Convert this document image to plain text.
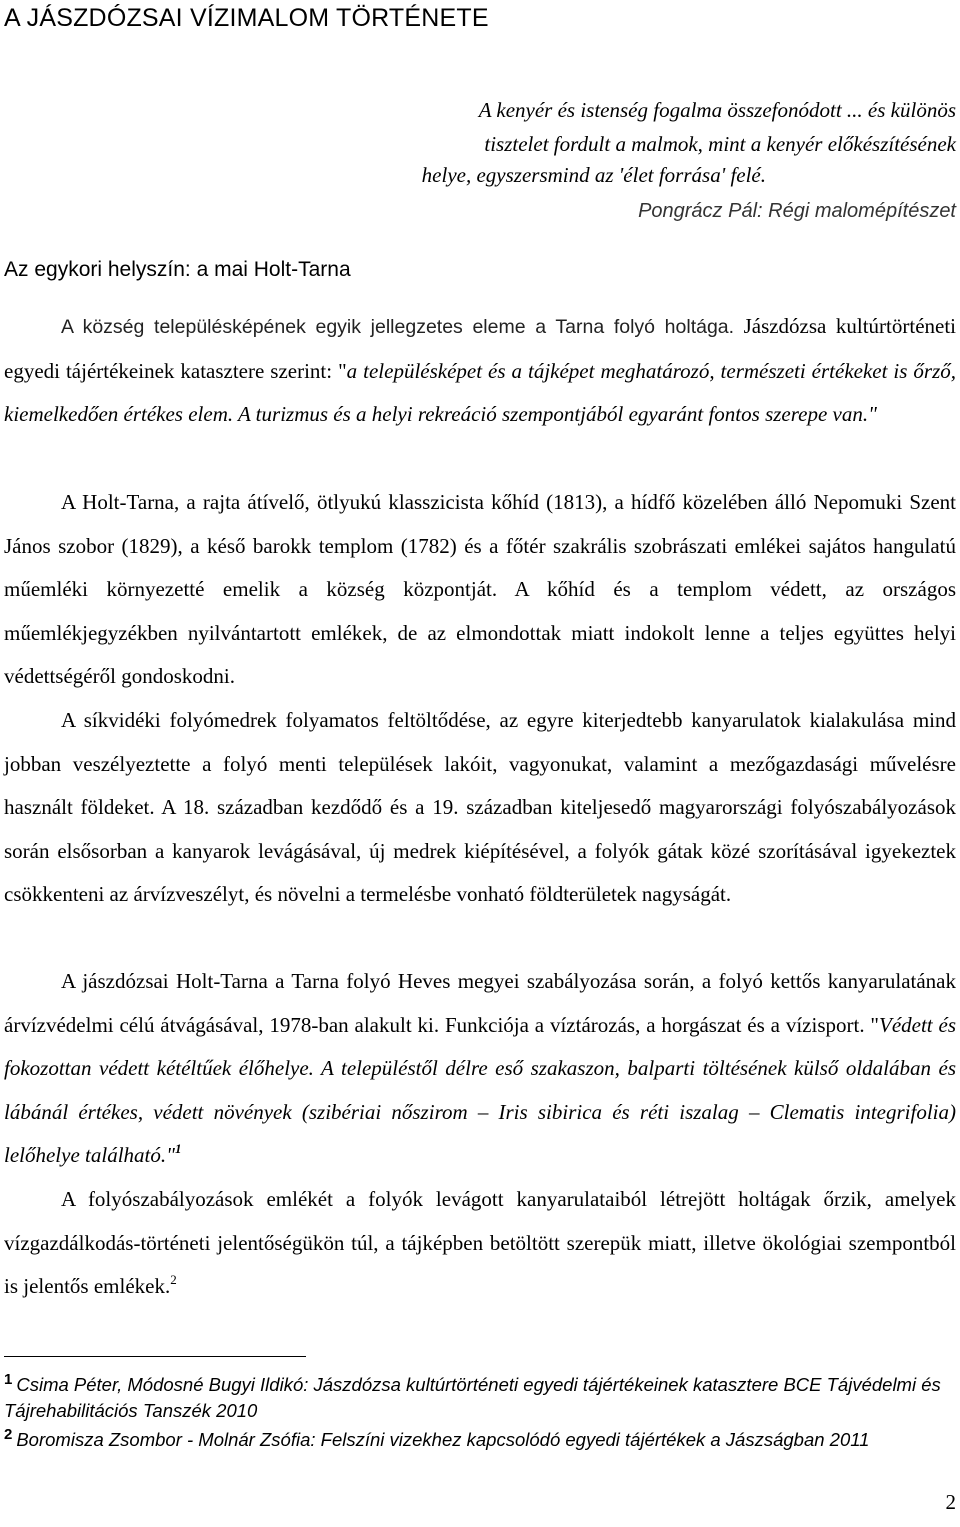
A JÁSZDÓZSAI VÍZIMALOM TÖRTÉNETE
A kenyér és istenség fogalma összefonódott ... és különös
tisztelet fordult a malmok, mint a kenyér előkészítésének
helye, egyszersmind az 'élet forrása' felé.
Pongrácz Pál: Régi malomépítészet
Az egykori helyszín: a mai Holt-Tarna

A község településképének egyik jellegzetes eleme a Tarna folyó holtága. Jászdózsa kultúrtörténeti egyedi tájértékeinek katasztere szerint: "a településképet és a tájképet meghatározó, természeti értékeket is őrző, kiemelkedően értékes elem. A turizmus és a helyi rekreáció szempontjából egyaránt fontos szerepe van."

A Holt-Tarna, a rajta átívelő, ötlyukú klasszicista kőhíd (1813), a hídfő közelében álló Nepomuki Szent János szobor (1829), a késő barokk templom (1782) és a főtér szakrális szobrászati emlékei sajátos hangulatú műemléki környezetté emelik a község központját. A kőhíd és a templom védett, az országos műemlékjegyzékben nyilvántartott emlékek, de az elmondottak miatt indokolt lenne a teljes együttes helyi védettségéről gondoskodni.

A síkvidéki folyómedrek folyamatos feltöltődése, az egyre kiterjedtebb kanyarulatok kialakulása mind jobban veszélyeztette a folyó menti települések lakóit, vagyonukat, valamint a mezőgazdasági művelésre használt földeket. A 18. században kezdődő és a 19. században kiteljesedő magyarországi folyószabályozások során elsősorban a kanyarok levágásával, új medrek kiépítésével, a folyók gátak közé szorításával igyekeztek csökkenteni az árvízveszélyt, és növelni a termelésbe vonható földterületek nagyságát.

A jászdózsai Holt-Tarna a Tarna folyó Heves megyei szabályozása során, a folyó kettős kanyarulatának árvízvédelmi célú átvágásával, 1978-ban alakult ki. Funkciója a víztározás, a horgászat és a vízisport. "Védett és fokozottan védett kétéltűek élőhelye. A településtől délre eső szakaszon, balparti töltésének külső oldalában és lábánál értékes, védett növények (szibériai nőszirom – Iris sibirica és réti iszalag – Clematis integrifolia) lelőhelye található."$^1$

A folyószabályozások emlékét a folyók levágott kanyarulataiból létrejött holtágak őrzik, amelyek vízgazdálkodás-történeti jelentőségükön túl, a tájképben betöltött szerepük miatt, illetve ökológiai szempontból is jelentős emlékek.$^2$

$^1$ Csima Péter, Módosné Bugyi Ildikó: Jászdózsa kultúrtörténeti egyedi tájértékeinek katasztere BCE Tájvédelmi és Tájrehabilitációs Tanszék 2010
$^2$ Boromisza Zsombor - Molnár Zsófia: Felszíni vizekhez kapcsolódó egyedi tájértékek a Jászságban 2011
2
